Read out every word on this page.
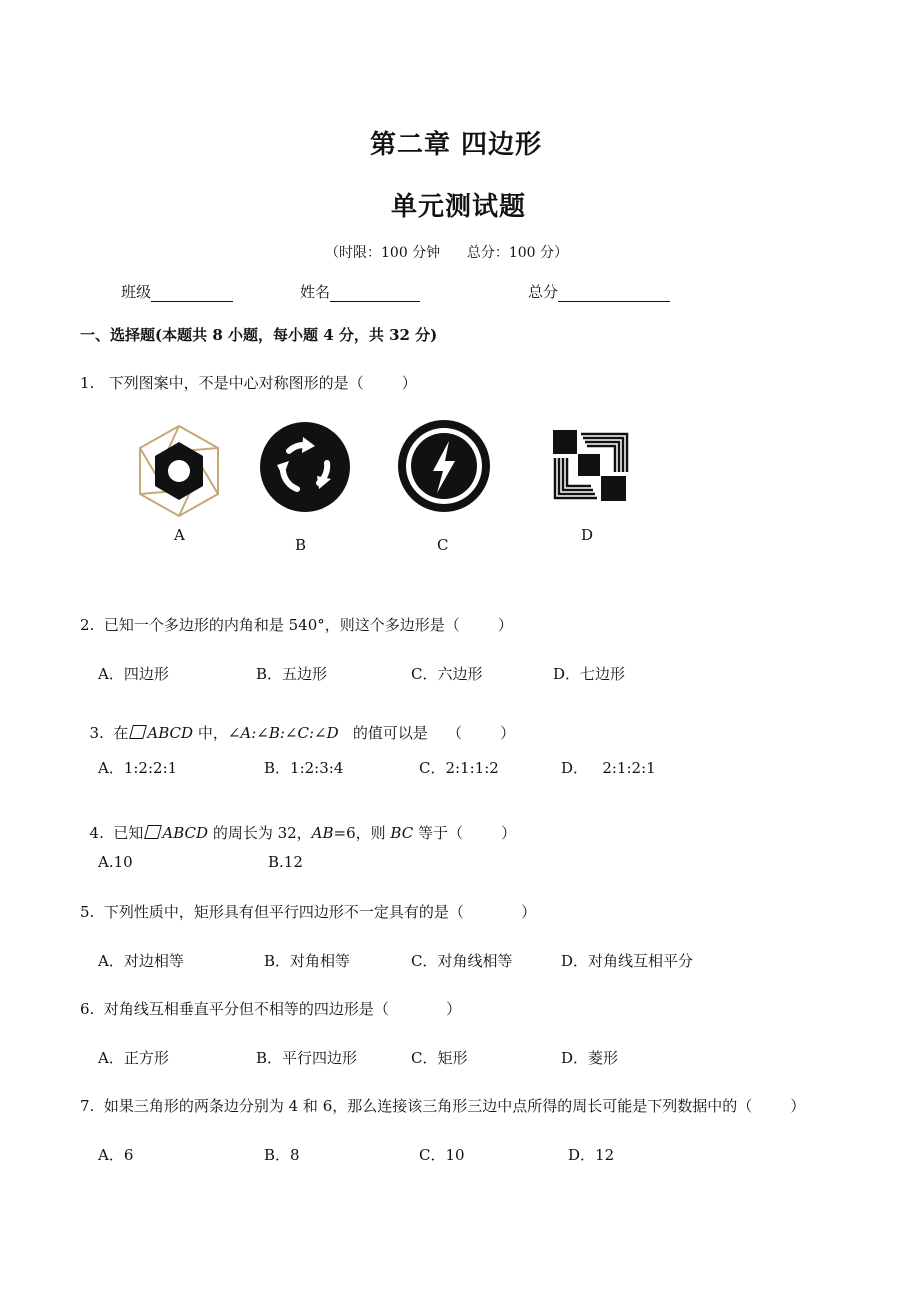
第二章 四边形
单元测试题
（时限：100 分钟      总分：100 分）
班级	姓名	总分
一、选择题(本题共 8 小题，每小题 4 分，共 32 分)
1.   下列图案中，不是中心对称图形的是（        ）
A
B	C
D
2.  已知一个多边形的内角和是 540°，则这个多边形是（        ）
A．四边形	B．五边形	C．六边形	D．七边形

3.  在 ABCD 中，∠A:∠B:∠C:∠D   的值可以是    （        ）

A．1:2:2:1	B．1:2:3:4	C．2:1:1:2	D．   2:1:2:1

4.  已知 ABCD 的周长为 32，AB=6，则 BC 等于（        ）

A.10	B.12
5.  下列性质中，矩形具有但平行四边形不一定具有的是（            ）
A．对边相等	B．对角相等	C．对角线相等	D．对角线互相平分
6.  对角线互相垂直平分但不相等的四边形是（            ）
A．正方形	B．平行四边形	C．矩形	D．菱形
7.  如果三角形的两条边分别为 4 和 6，那么连接该三角形三边中点所得的周长可能是下列数据中的（        ）
A．6	B．8	C．10	D．12
